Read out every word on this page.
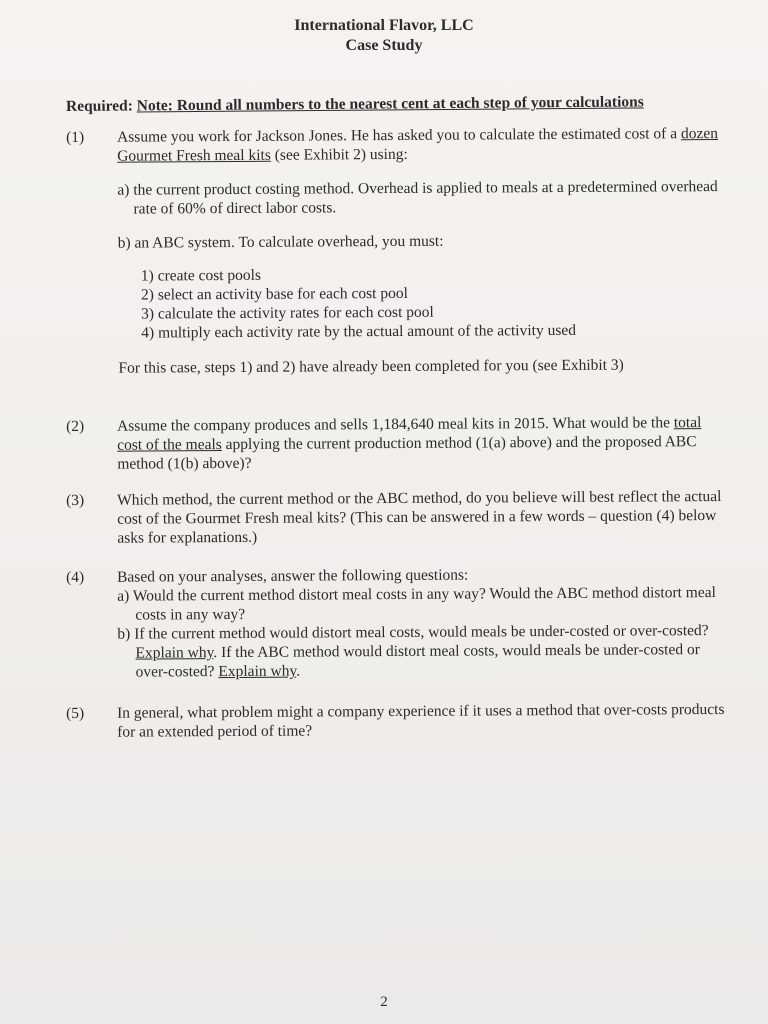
International Flavor, LLC
Case Study
Required: Note: Round all numbers to the nearest cent at each step of your calculations
(1)	Assume you work for Jackson Jones. He has asked you to calculate the estimated cost of a dozen Gourmet Fresh meal kits (see Exhibit 2) using:
a) the current product costing method. Overhead is applied to meals at a predetermined overhead rate of 60% of direct labor costs.
b) an ABC system. To calculate overhead, you must:
1) create cost pools
2) select an activity base for each cost pool
3) calculate the activity rates for each cost pool
4) multiply each activity rate by the actual amount of the activity used
For this case, steps 1) and 2) have already been completed for you (see Exhibit 3)
(2)	Assume the company produces and sells 1,184,640 meal kits in 2015. What would be the total cost of the meals applying the current production method (1(a) above) and the proposed ABC method (1(b) above)?
(3)	Which method, the current method or the ABC method, do you believe will best reflect the actual cost of the Gourmet Fresh meal kits? (This can be answered in a few words – question (4) below asks for explanations.)
(4)	Based on your analyses, answer the following questions:
a) Would the current method distort meal costs in any way? Would the ABC method distort meal costs in any way?
b) If the current method would distort meal costs, would meals be under-costed or over-costed? Explain why. If the ABC method would distort meal costs, would meals be under-costed or over-costed? Explain why.
(5)	In general, what problem might a company experience if it uses a method that over-costs products for an extended period of time?
2
